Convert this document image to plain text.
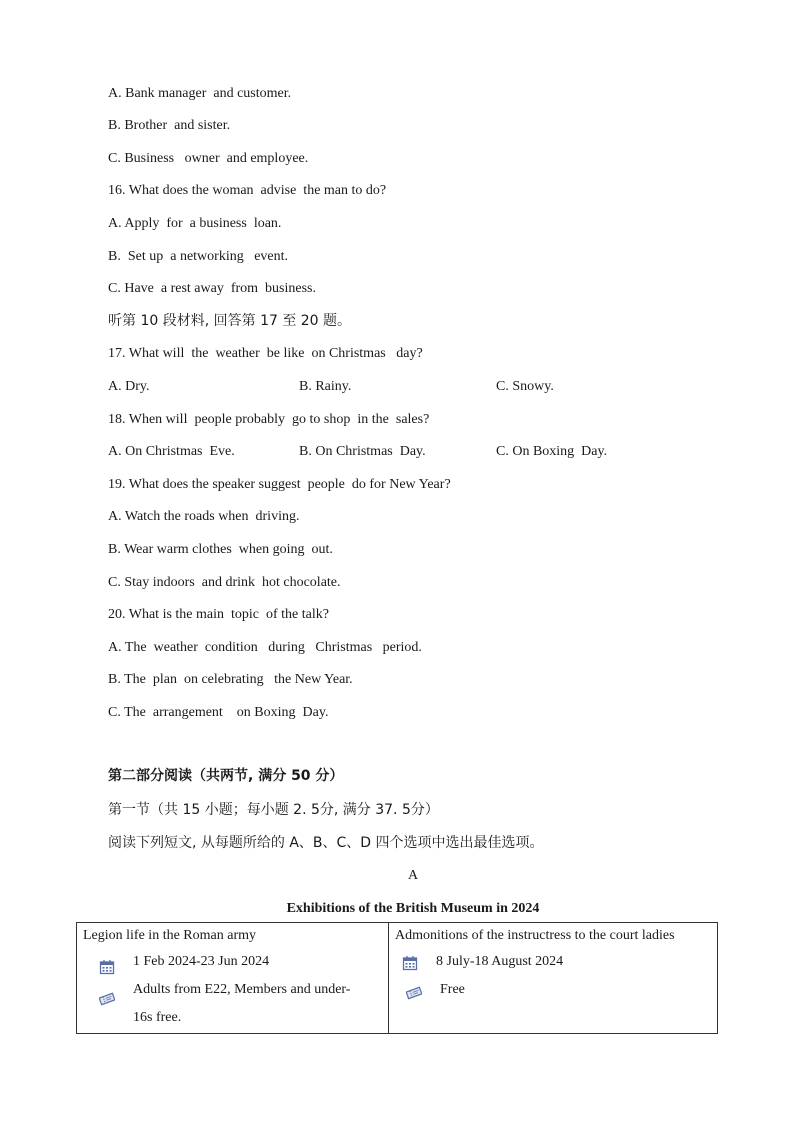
A. Bank manager  and customer.
B. Brother  and sister.
C. Business   owner  and employee.
16. What does the woman  advise  the man to do?
A. Apply  for  a business  loan.
B.  Set up  a networking   event.
C. Have  a rest away  from  business.
听第 10 段材料, 回答第 17 至 20 题。
17. What will  the  weather  be like  on Christmas   day?
A. Dry.	B. Rainy.	C. Snowy.
18. When will  people probably  go to shop  in the  sales?
A. On Christmas  Eve.	B. On Christmas  Day.	C. On Boxing  Day.
19. What does the speaker suggest  people  do for New Year?
A. Watch the roads when  driving.
B. Wear warm clothes  when going  out.
C. Stay indoors  and drink  hot chocolate.
20. What is the main  topic  of the talk?
A. The  weather  condition   during   Christmas   period.
B. The  plan  on celebrating   the New Year.
C. The  arrangement    on Boxing  Day.
第二部分阅读（共两节, 满分 50 分）
第一节（共 15 小题；每小题 2. 5分, 满分 37. 5分）
阅读下列短文, 从每题所给的 A、B、C、D 四个选项中选出最佳选项。
A
Exhibitions of the British Museum in 2024
Legion life in the Roman army
1 Feb 2024-23 Jun 2024
Adults from E22, Members and under-
16s free.

Admonitions of the instructress to the court ladies
8 July-18 August 2024
Free
